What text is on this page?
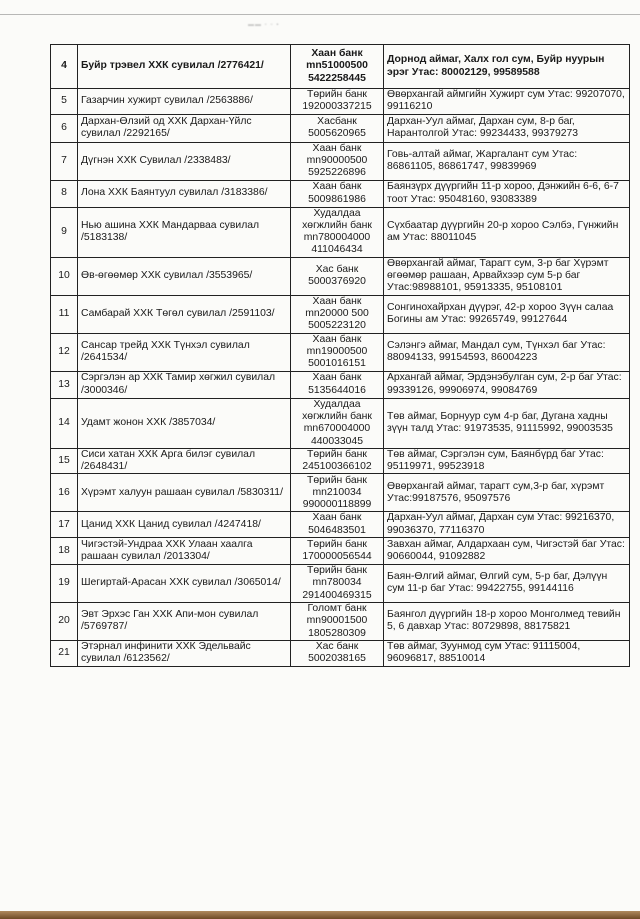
▬▬ ▫ ▫ ▪
4	Буйр трэвел ХХК сувилал /2776421/	Хаан банк
mn51000500
5422258445	Дорнод аймаг, Халх гол сум, Буйр нуурын эрэг Утас: 80002129, 99589588
5	Газарчин хужирт сувилал /2563886/	Төрийн банк
192000337215	Өвөрхангай аймгийн Хужирт сум Утас: 99207070, 99116210
6	Дархан-Өлзий од ХХК Дархан-Үйлс сувилал /2292165/	Хасбанк
5005620965	Дархан-Уул аймаг, Дархан сум, 8-р баг, Нарантолгой Утас: 99234433, 99379273
7	Дүгнэн ХХК Сувилал /2338483/	Хаан банк
mn90000500
5925226896	Говь-алтай аймаг, Жаргалант сум Утас: 86861105, 86861747, 99839969
8	Лона ХХК Баянтуул сувилал /3183386/	Хаан банк
5009861986	Баянзүрх дүүргийн 11-р хороо, Дэнжийн 6-6, 6-7 тоот Утас: 95048160, 93083389
9	Нью ашина ХХК Мандарваа сувилал /5183138/	Худалдаа
хөгжлийн банк
mn780004000
411046434	Сүхбаатар дүүргийн 20-р хороо Сэлбэ, Гүнжийн ам Утас: 88011045
10	Өв-өгөөмөр ХХК сувилал /3553965/	Хас банк
5000376920	Өвөрхангай аймаг, Тарагт сум, 3-р баг Хүрэмт өгөөмөр рашаан, Арвайхээр сум 5-р баг Утас:98988101, 95913335, 95108101
11	Самбарай ХХК Төгөл сувилал /2591103/	Хаан банк
mn20000 500
5005223120	Сонгинохайрхан дүүрэг, 42-р хороо Зүүн салаа Богины ам Утас: 99265749, 99127644
12	Сансар трейд ХХК Түнхэл сувилал /2641534/	Хаан банк
mn19000500
5001016151	Сэлэнгэ аймаг, Мандал сум, Түнхэл баг Утас: 88094133, 99154593, 86004223
13	Сэргэлэн ар ХХК Тамир хөгжил сувилал /3000346/	Хаан банк
5135644016	Архангай аймаг, Эрдэнэбулган сум, 2-р баг Утас: 99339126, 99906974, 99084769
14	Удамт жонон ХХК /3857034/	Худалдаа
хөгжлийн банк
mn670004000
440033045	Төв аймаг, Борнуур сум 4-р баг, Дугана хадны зүүн талд Утас: 91973535, 91115992, 99003535
15	Сиси хатан ХХК Арга билэг сувилал /2648431/	Төрийн банк
245100366102	Төв аймаг, Сэргэлэн сум, Баянбүрд баг Утас: 95119971, 99523918
16	Хүрэмт халуун рашаан сувилал /5830311/	Төрийн банк
mn210034
990000118899	Өвөрхангай аймаг, тарагт сум,3-р баг, хүрэмт Утас:99187576, 95097576
17	Цанид ХХК Цанид сувилал /4247418/	Хаан банк
5046483501	Дархан-Уул аймаг, Дархан сум Утас: 99216370, 99036370, 77116370
18	Чигэстэй-Ундраа ХХК Улаан хаалга рашаан сувилал /2013304/	Төрийн банк
170000056544	Завхан аймаг, Алдархаан сум, Чигэстэй баг Утас: 90660044, 91092882
19	Шегиртай-Арасан ХХК сувилал /3065014/	Төрийн банк
mn780034
291400469315	Баян-Өлгий аймаг, Өлгий сум, 5-р баг, Дэлүүн сум 11-р баг Утас: 99422755, 99144116
20	Эвт Эрхэс Ган ХХК Апи-мон сувилал /5769787/	Голомт банк
mn90001500
1805280309	Баянгол дүүргийн 18-р хороо Монголмед тевийн 5, 6 давхар Утас: 80729898, 88175821
21	Этэрнал инфинити ХХК Эдельвайс сувилал /6123562/	Хас банк
5002038165	Төв аймаг, Зуунмод сум Утас: 91115004, 96096817, 88510014
